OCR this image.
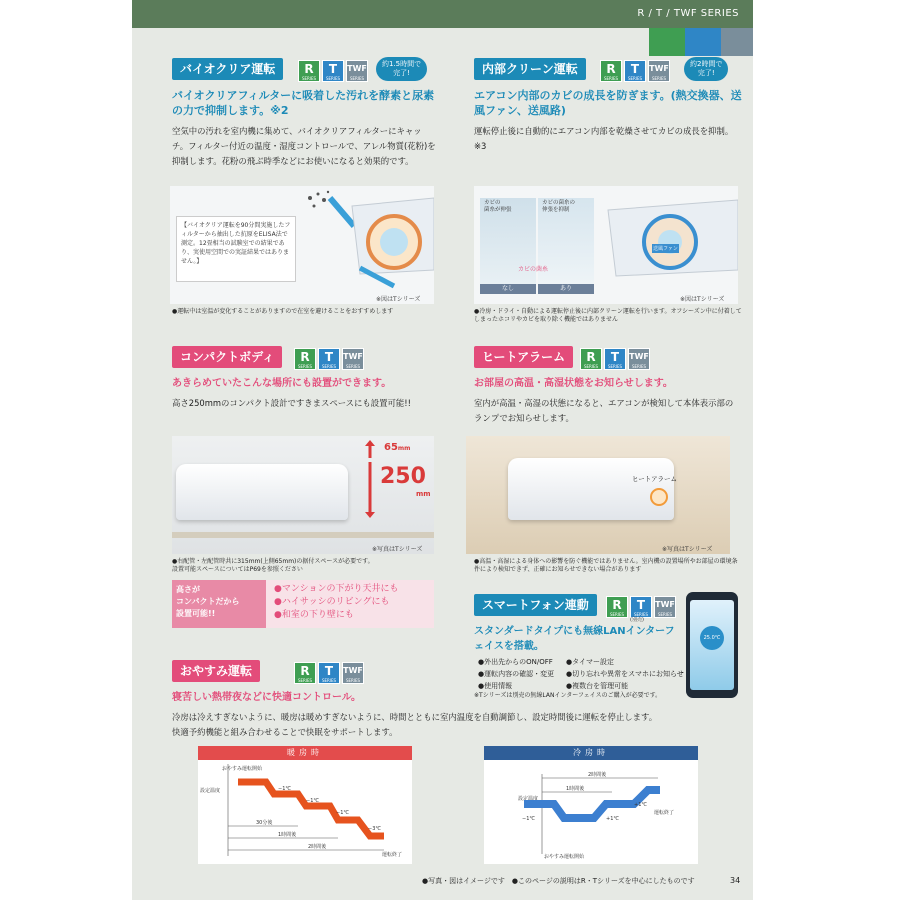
R / T / TWF SERIES
バイオクリア運転	R
SERIES
T
SERIES
TWF
SERIES
約1.5時間で
完了!
バイオクリアフィルターに吸着した汚れを酵素と尿素の力で抑制します。※2
空気中の汚れを室内機に集めて、バイオクリアフィルターにキャッチ。フィルター付近の温度・湿度コントロールで、アレル物質(花粉)を抑制します。花粉の飛ぶ時季などにお使いになると効果的です。
【バイオクリア運転を90分間実施したフィルターから抽出した抗原をELISA法で測定。12畳相当の試験室での結果であり、実使用空間での実証結果ではありません。】
※図はTシリーズ
●運転中は室温が変化することがありますので在室を避けることをおすすめします
内部クリーン運転	R
SERIES
T
SERIES
TWF
SERIES
約2時間で
完了!
エアコン内部のカビの成長を防ぎます。(熱交換器、送風ファン、送風路)
運転停止後に自動的にエアコン内部を乾燥させてカビの成長を抑制。※3
カビの
菌糸が伸張
カビの菌糸の
伸張を抑制
カビの菌糸
なし	あり
送風ファン
※図はTシリーズ
●冷房・ドライ・自動による運転停止後に内部クリーン運転を行います。オフシーズン中に付着してしまったホコリやカビを取り除く機能ではありません
コンパクトボディ	R
SERIES
T
SERIES
TWF
SERIES
あきらめていたこんな場所にも設置ができます。
高さ250mmのコンパクト設計ですきまスペースにも設置可能!!
65mm
250
mm
※写真はTシリーズ
●右配管・左配管時共に315mm(上側65mm)の据付スペースが必要です。
設置可能スペースについてはP69を参照ください
高さが
コンパクトだから
設置可能!!
●マンションの下がり天井にも
●ハイサッシのリビングにも
●和室の下り壁にも
ヒートアラーム	R
SERIES
T
SERIES
TWF
SERIES
お部屋の高温・高湿状態をお知らせします。
室内が高温・高湿の状態になると、エアコンが検知して本体表示部のランプでお知らせします。
ヒートアラーム
※写真はTシリーズ
●高温・高湿による身体への影響を防ぐ機能ではありません。室内機の設置場所やお部屋の環境条件により検知できず、正確にお知らせできない場合があります
スマートフォン連動	R
SERIES
T
SERIES
TWF
SERIES
(別売)
スタンダードタイプにも無線LANインターフェイスを搭載。
●外出先からのON/OFF	●タイマー設定
●運転内容の確認・変更	●切り忘れや異常をスマホにお知らせ
●使用情報	●複数台を管理可能
※Tシリーズは別売の無線LANインターフェイスのご購入が必要です。
25.0℃
おやすみ運転	R
SERIES
T
SERIES
TWF
SERIES
寝苦しい熱帯夜などに快適コントロール。
冷房は冷えすぎないように、暖房は暖めすぎないように、時間とともに室内温度を自動調節し、設定時間後に運転を停止します。
快適予約機能と組み合わせることで快眠をサポートします。
暖房時
おやすみ運転開始
設定温度	−1℃
−1℃
−1℃
−3℃
30分後
1時間後
2時間後
運転終了
冷房時
2時間後
1時間後
設定温度
−1℃	+1℃
+1℃
運転終了
おやすみ運転開始
●写真・図はイメージです　●このページの説明はR・Tシリーズを中心にしたものです	34
